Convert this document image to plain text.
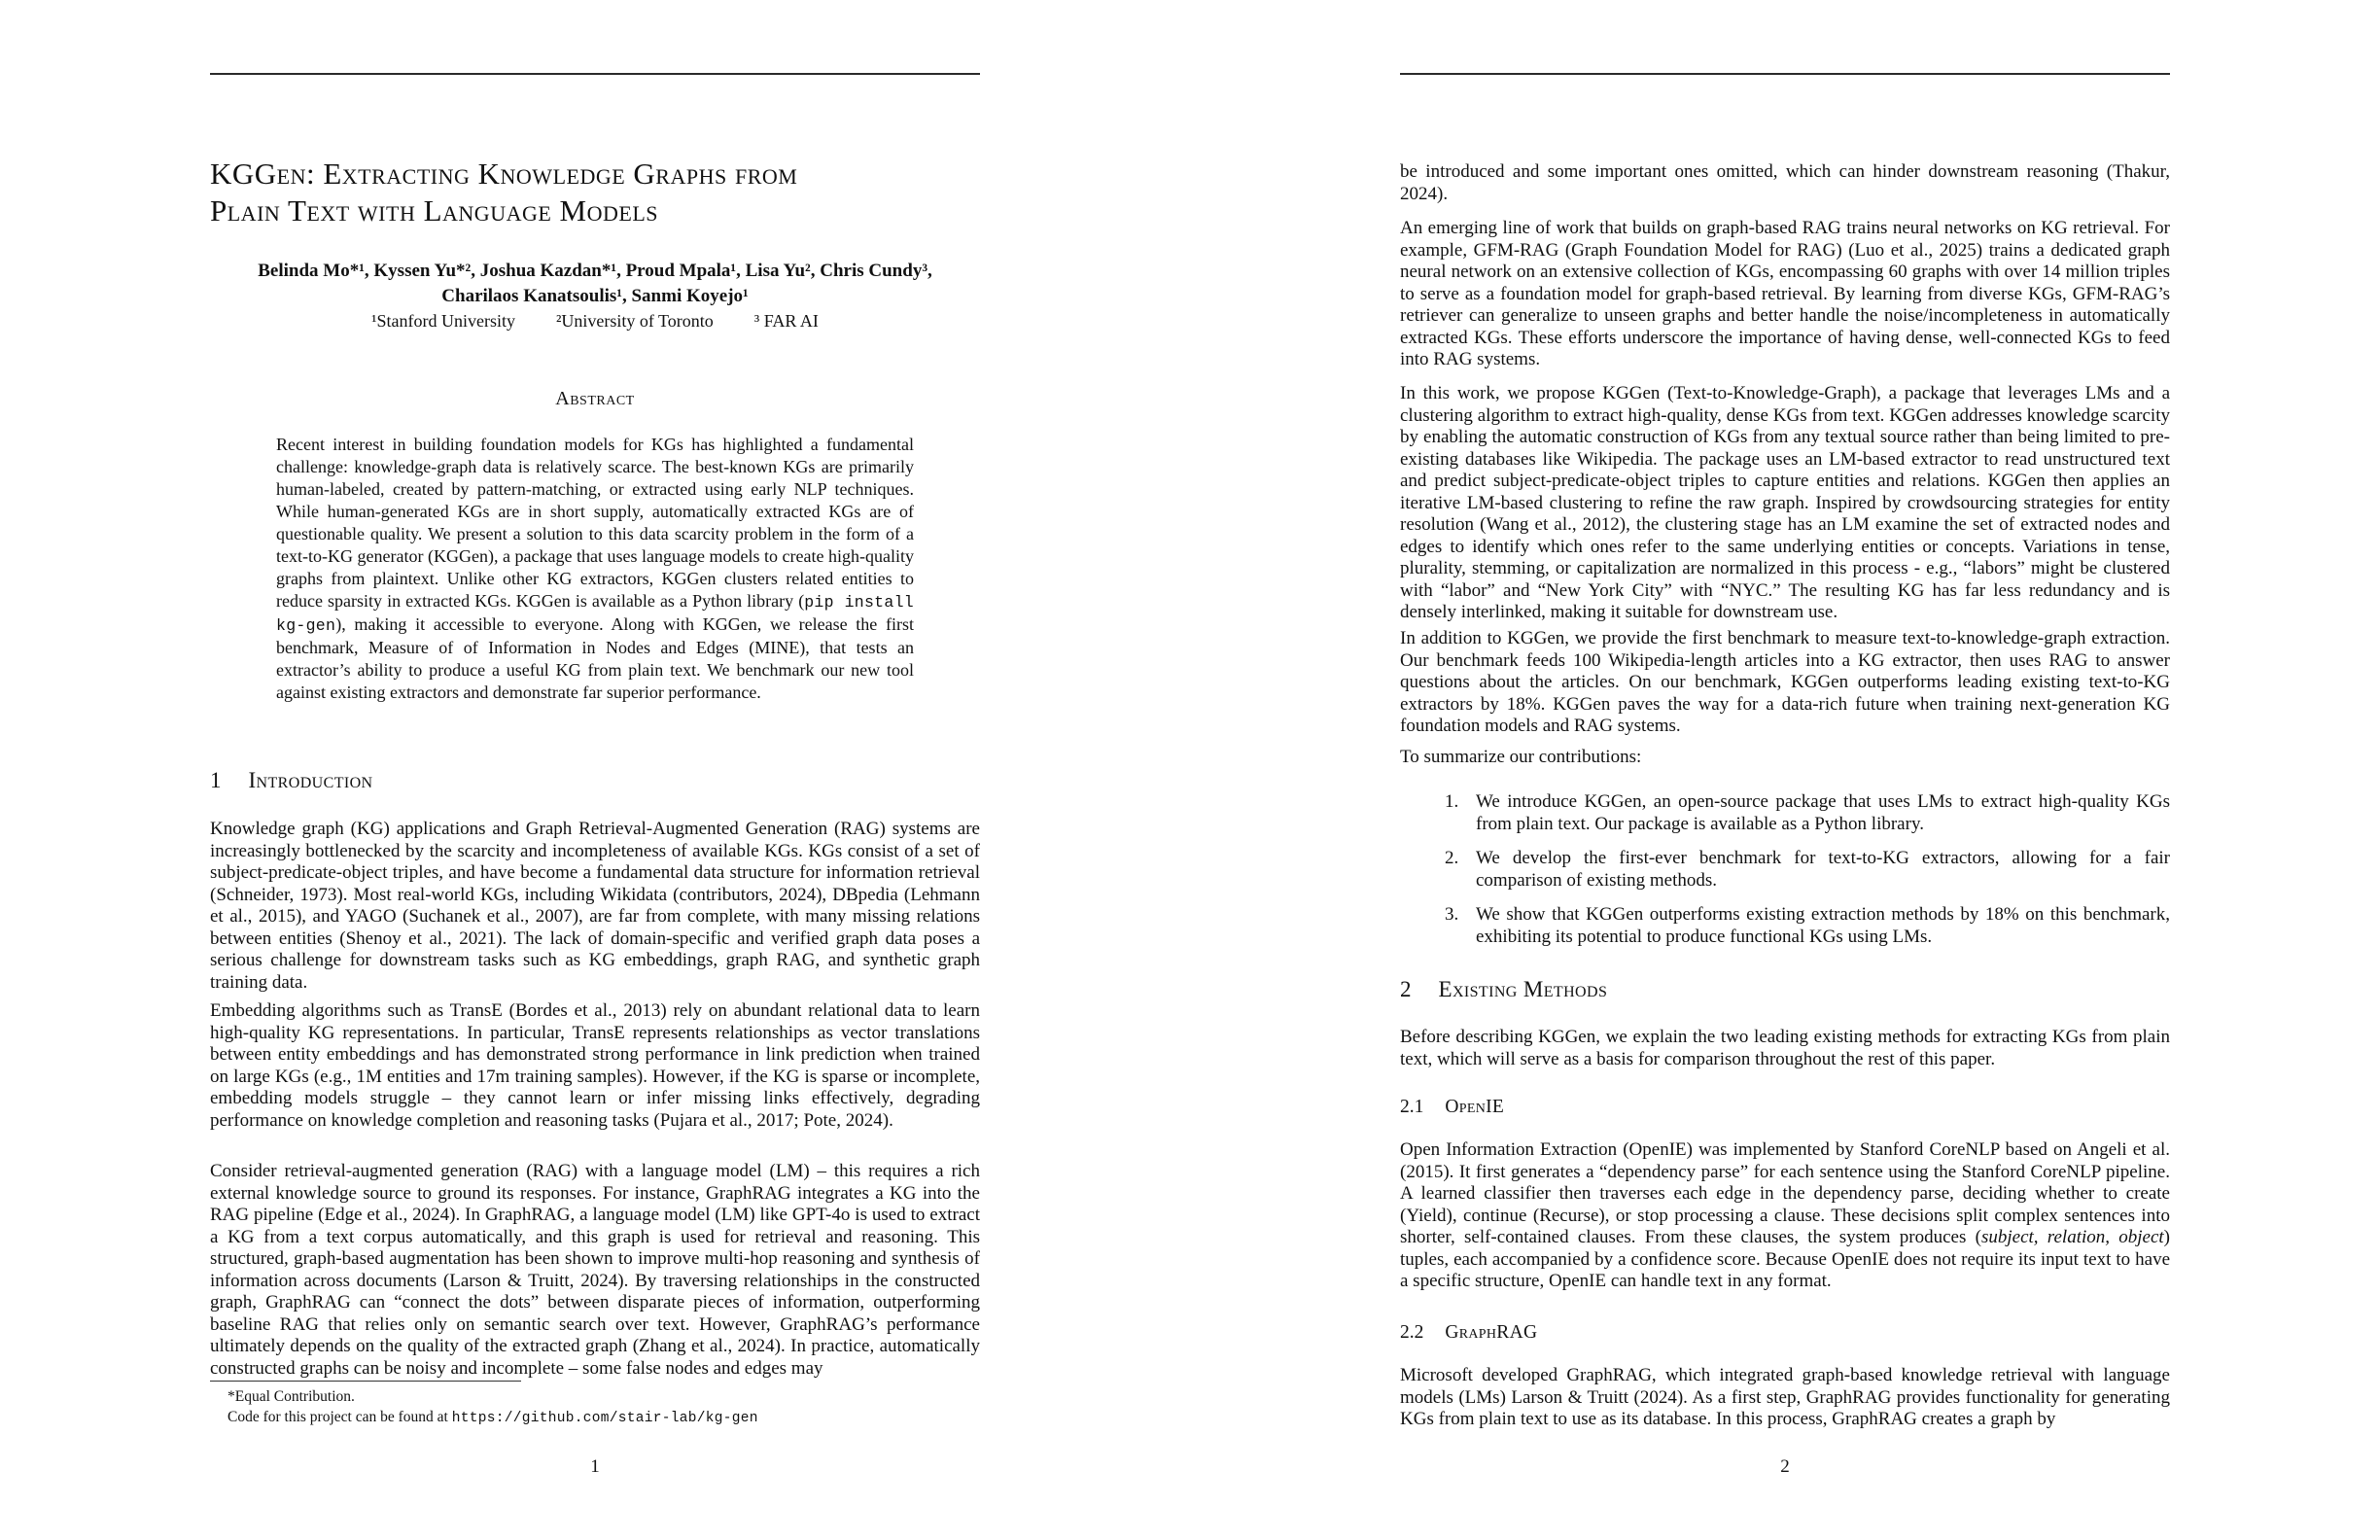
KGGen: Extracting Knowledge Graphs from
Plain Text with Language Models
Belinda Mo*¹, Kyssen Yu*², Joshua Kazdan*¹, Proud Mpala¹, Lisa Yu², Chris Cundy³,
Charilaos Kanatsoulis¹, Sanmi Koyejo¹
¹Stanford University ²University of Toronto ³ FAR AI
Abstract
Recent interest in building foundation models for KGs has highlighted a fundamental challenge: knowledge-graph data is relatively scarce. The best-known KGs are primarily human-labeled, created by pattern-matching, or extracted using early NLP techniques. While human-generated KGs are in short supply, automatically extracted KGs are of questionable quality. We present a solution to this data scarcity problem in the form of a text-to-KG generator (KGGen), a package that uses language models to create high-quality graphs from plaintext. Unlike other KG extractors, KGGen clusters related entities to reduce sparsity in extracted KGs. KGGen is available as a Python library (pip install kg-gen), making it accessible to everyone. Along with KGGen, we release the first benchmark, Measure of of Information in Nodes and Edges (MINE), that tests an extractor’s ability to produce a useful KG from plain text. We benchmark our new tool against existing extractors and demonstrate far superior performance.
1 Introduction

Knowledge graph (KG) applications and Graph Retrieval-Augmented Generation (RAG) systems are increasingly bottlenecked by the scarcity and incompleteness of available KGs. KGs consist of a set of subject-predicate-object triples, and have become a fundamental data structure for information retrieval (Schneider, 1973). Most real-world KGs, including Wikidata (contributors, 2024), DBpedia (Lehmann et al., 2015), and YAGO (Suchanek et al., 2007), are far from complete, with many missing relations between entities (Shenoy et al., 2021). The lack of domain-specific and verified graph data poses a serious challenge for downstream tasks such as KG embeddings, graph RAG, and synthetic graph training data.

Embedding algorithms such as TransE (Bordes et al., 2013) rely on abundant relational data to learn high-quality KG representations. In particular, TransE represents relationships as vector translations between entity embeddings and has demonstrated strong performance in link prediction when trained on large KGs (e.g., 1M entities and 17m training samples). However, if the KG is sparse or incomplete, embedding models struggle – they cannot learn or infer missing links effectively, degrading performance on knowledge completion and reasoning tasks (Pujara et al., 2017; Pote, 2024).

Consider retrieval-augmented generation (RAG) with a language model (LM) – this requires a rich external knowledge source to ground its responses. For instance, GraphRAG integrates a KG into the RAG pipeline (Edge et al., 2024). In GraphRAG, a language model (LM) like GPT-4o is used to extract a KG from a text corpus automatically, and this graph is used for retrieval and reasoning. This structured, graph-based augmentation has been shown to improve multi-hop reasoning and synthesis of information across documents (Larson & Truitt, 2024). By traversing relationships in the constructed graph, GraphRAG can “connect the dots” between disparate pieces of information, outperforming baseline RAG that relies only on semantic search over text. However, GraphRAG’s performance ultimately depends on the quality of the extracted graph (Zhang et al., 2024). In practice, automatically constructed graphs can be noisy and incomplete – some false nodes and edges may

*Equal Contribution.
Code for this project can be found at https://github.com/stair-lab/kg-gen
1

be introduced and some important ones omitted, which can hinder downstream reasoning (Thakur, 2024).

An emerging line of work that builds on graph-based RAG trains neural networks on KG retrieval. For example, GFM-RAG (Graph Foundation Model for RAG) (Luo et al., 2025) trains a dedicated graph neural network on an extensive collection of KGs, encompassing 60 graphs with over 14 million triples to serve as a foundation model for graph-based retrieval. By learning from diverse KGs, GFM-RAG’s retriever can generalize to unseen graphs and better handle the noise/incompleteness in automatically extracted KGs. These efforts underscore the importance of having dense, well-connected KGs to feed into RAG systems.

In this work, we propose KGGen (Text-to-Knowledge-Graph), a package that leverages LMs and a clustering algorithm to extract high-quality, dense KGs from text. KGGen addresses knowledge scarcity by enabling the automatic construction of KGs from any textual source rather than being limited to pre-existing databases like Wikipedia. The package uses an LM-based extractor to read unstructured text and predict subject-predicate-object triples to capture entities and relations. KGGen then applies an iterative LM-based clustering to refine the raw graph. Inspired by crowdsourcing strategies for entity resolution (Wang et al., 2012), the clustering stage has an LM examine the set of extracted nodes and edges to identify which ones refer to the same underlying entities or concepts. Variations in tense, plurality, stemming, or capitalization are normalized in this process - e.g., “labors” might be clustered with “labor” and “New York City” with “NYC.” The resulting KG has far less redundancy and is densely interlinked, making it suitable for downstream use.

In addition to KGGen, we provide the first benchmark to measure text-to-knowledge-graph extraction. Our benchmark feeds 100 Wikipedia-length articles into a KG extractor, then uses RAG to answer questions about the articles. On our benchmark, KGGen outperforms leading existing text-to-KG extractors by 18%. KGGen paves the way for a data-rich future when training next-generation KG foundation models and RAG systems.

To summarize our contributions:

1. We introduce KGGen, an open-source package that uses LMs to extract high-quality KGs from plain text. Our package is available as a Python library.
2. We develop the first-ever benchmark for text-to-KG extractors, allowing for a fair comparison of existing methods.
3. We show that KGGen outperforms existing extraction methods by 18% on this benchmark, exhibiting its potential to produce functional KGs using LMs.
2 Existing Methods

Before describing KGGen, we explain the two leading existing methods for extracting KGs from plain text, which will serve as a basis for comparison throughout the rest of this paper.

2.1 OpenIE

Open Information Extraction (OpenIE) was implemented by Stanford CoreNLP based on Angeli et al. (2015). It first generates a “dependency parse” for each sentence using the Stanford CoreNLP pipeline. A learned classifier then traverses each edge in the dependency parse, deciding whether to create (Yield), continue (Recurse), or stop processing a clause. These decisions split complex sentences into shorter, self-contained clauses. From these clauses, the system produces (subject, relation, object) tuples, each accompanied by a confidence score. Because OpenIE does not require its input text to have a specific structure, OpenIE can handle text in any format.

2.2 GraphRAG

Microsoft developed GraphRAG, which integrated graph-based knowledge retrieval with language models (LMs) Larson & Truitt (2024). As a first step, GraphRAG provides functionality for generating KGs from plain text to use as its database. In this process, GraphRAG creates a graph by

2
